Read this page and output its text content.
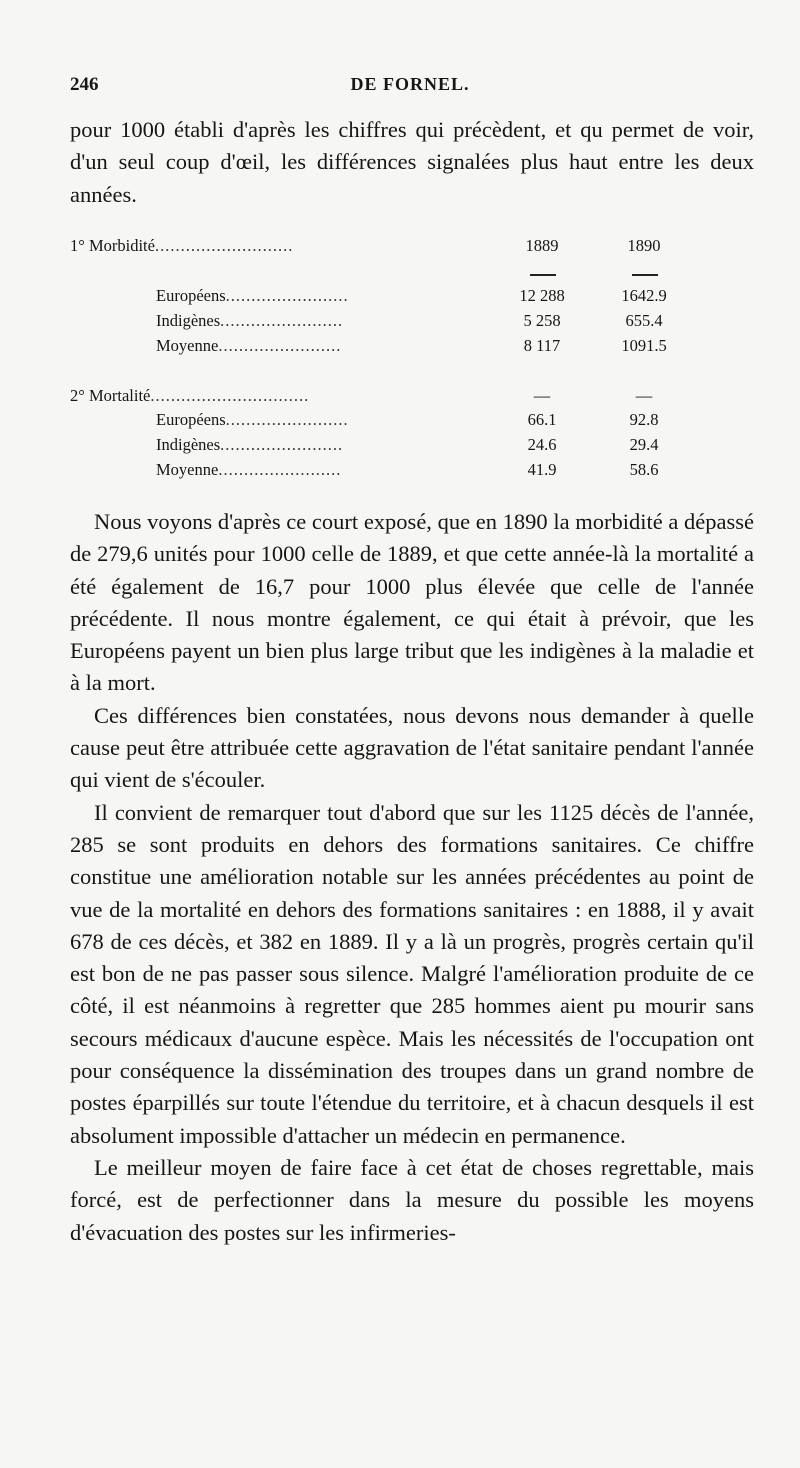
246	DE FORNEL.

pour 1000 établi d'après les chiffres qui précèdent, et qu permet de voir, d'un seul coup d'œil, les différences signalées plus haut entre les deux années.

1° Morbidité...........................	1889	1890
Européens........................	12 288	1642.9
Indigènes........................	5 258	655.4
Moyenne........................	8 117	1091.5
2° Mortalité...............................	—	—
Européens........................	66.1	92.8
Indigènes........................	24.6	29.4
Moyenne........................	41.9	58.6

Nous voyons d'après ce court exposé, que en 1890 la morbidité a dépassé de 279,6 unités pour 1000 celle de 1889, et que cette année-là la mortalité a été également de 16,7 pour 1000 plus élevée que celle de l'année précédente. Il nous montre également, ce qui était à prévoir, que les Européens payent un bien plus large tribut que les indigènes à la maladie et à la mort.

Ces différences bien constatées, nous devons nous demander à quelle cause peut être attribuée cette aggravation de l'état sanitaire pendant l'année qui vient de s'écouler.

Il convient de remarquer tout d'abord que sur les 1125 décès de l'année, 285 se sont produits en dehors des formations sanitaires. Ce chiffre constitue une amélioration notable sur les années précédentes au point de vue de la mortalité en dehors des formations sanitaires : en 1888, il y avait 678 de ces décès, et 382 en 1889. Il y a là un progrès, progrès certain qu'il est bon de ne pas passer sous silence. Malgré l'amélioration produite de ce côté, il est néanmoins à regretter que 285 hommes aient pu mourir sans secours médicaux d'aucune espèce. Mais les nécessités de l'occupation ont pour conséquence la dissémination des troupes dans un grand nombre de postes éparpillés sur toute l'étendue du territoire, et à chacun desquels il est absolument impossible d'attacher un médecin en permanence.

Le meilleur moyen de faire face à cet état de choses regrettable, mais forcé, est de perfectionner dans la mesure du possible les moyens d'évacuation des postes sur les infirmeries-
